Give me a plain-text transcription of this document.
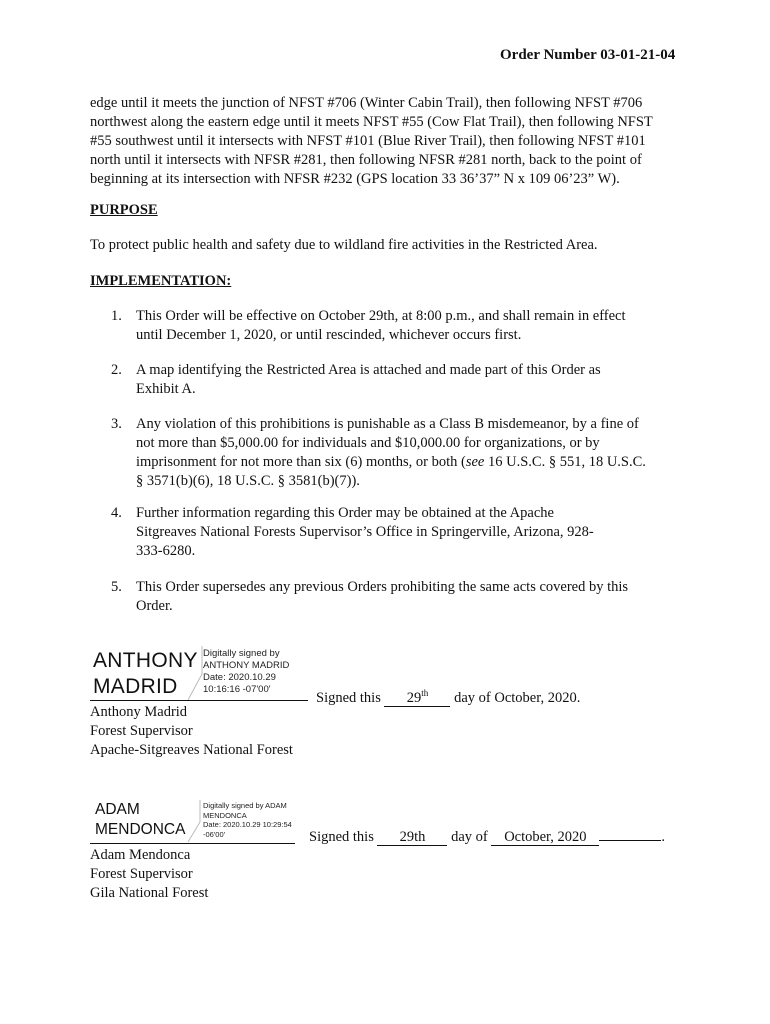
Order Number 03-01-21-04
edge until it meets the junction of NFST #706 (Winter Cabin Trail), then following NFST #706
northwest along the eastern edge until it meets NFST #55 (Cow Flat Trail), then following NFST
#55 southwest until it intersects with NFST #101 (Blue River Trail), then following NFST #101
north until it intersects with NFSR #281, then following NFSR #281 north, back to the point of
beginning at its intersection with NFSR #232 (GPS location 33 36’37” N x 109 06’23” W).
PURPOSE
To protect public health and safety due to wildland fire activities in the Restricted Area.
IMPLEMENTATION:
1. This Order will be effective on October 29th, at 8:00 p.m., and shall remain in effect
until December 1, 2020, or until rescinded, whichever occurs first.
2. A map identifying the Restricted Area is attached and made part of this Order as
Exhibit A.
3. Any violation of this prohibitions is punishable as a Class B misdemeanor, by a fine of
not more than $5,000.00 for individuals and $10,000.00 for organizations, or by
imprisonment for not more than six (6) months, or both (see 16 U.S.C. § 551, 18 U.S.C.
§ 3571(b)(6), 18 U.S.C. § 3581(b)(7)).
4. Further information regarding this Order may be obtained at the Apache
Sitgreaves National Forests Supervisor’s Office in Springerville, Arizona, 928-
333-6280.
5. This Order supersedes any previous Orders prohibiting the same acts covered by this
Order.
ANTHONY
MADRID
Digitally signed by
ANTHONY MADRID
Date: 2020.10.29
10:16:16 -07'00'
Signed this 29th day of October, 2020.
Anthony Madrid
Forest Supervisor
Apache-Sitgreaves National Forest
ADAM
MENDONCA
Digitally signed by ADAM
MENDONCA
Date: 2020.10.29 10:29:54
-06'00'	Signed this 29th day of October, 2020	.
Adam Mendonca
Forest Supervisor
Gila National Forest
